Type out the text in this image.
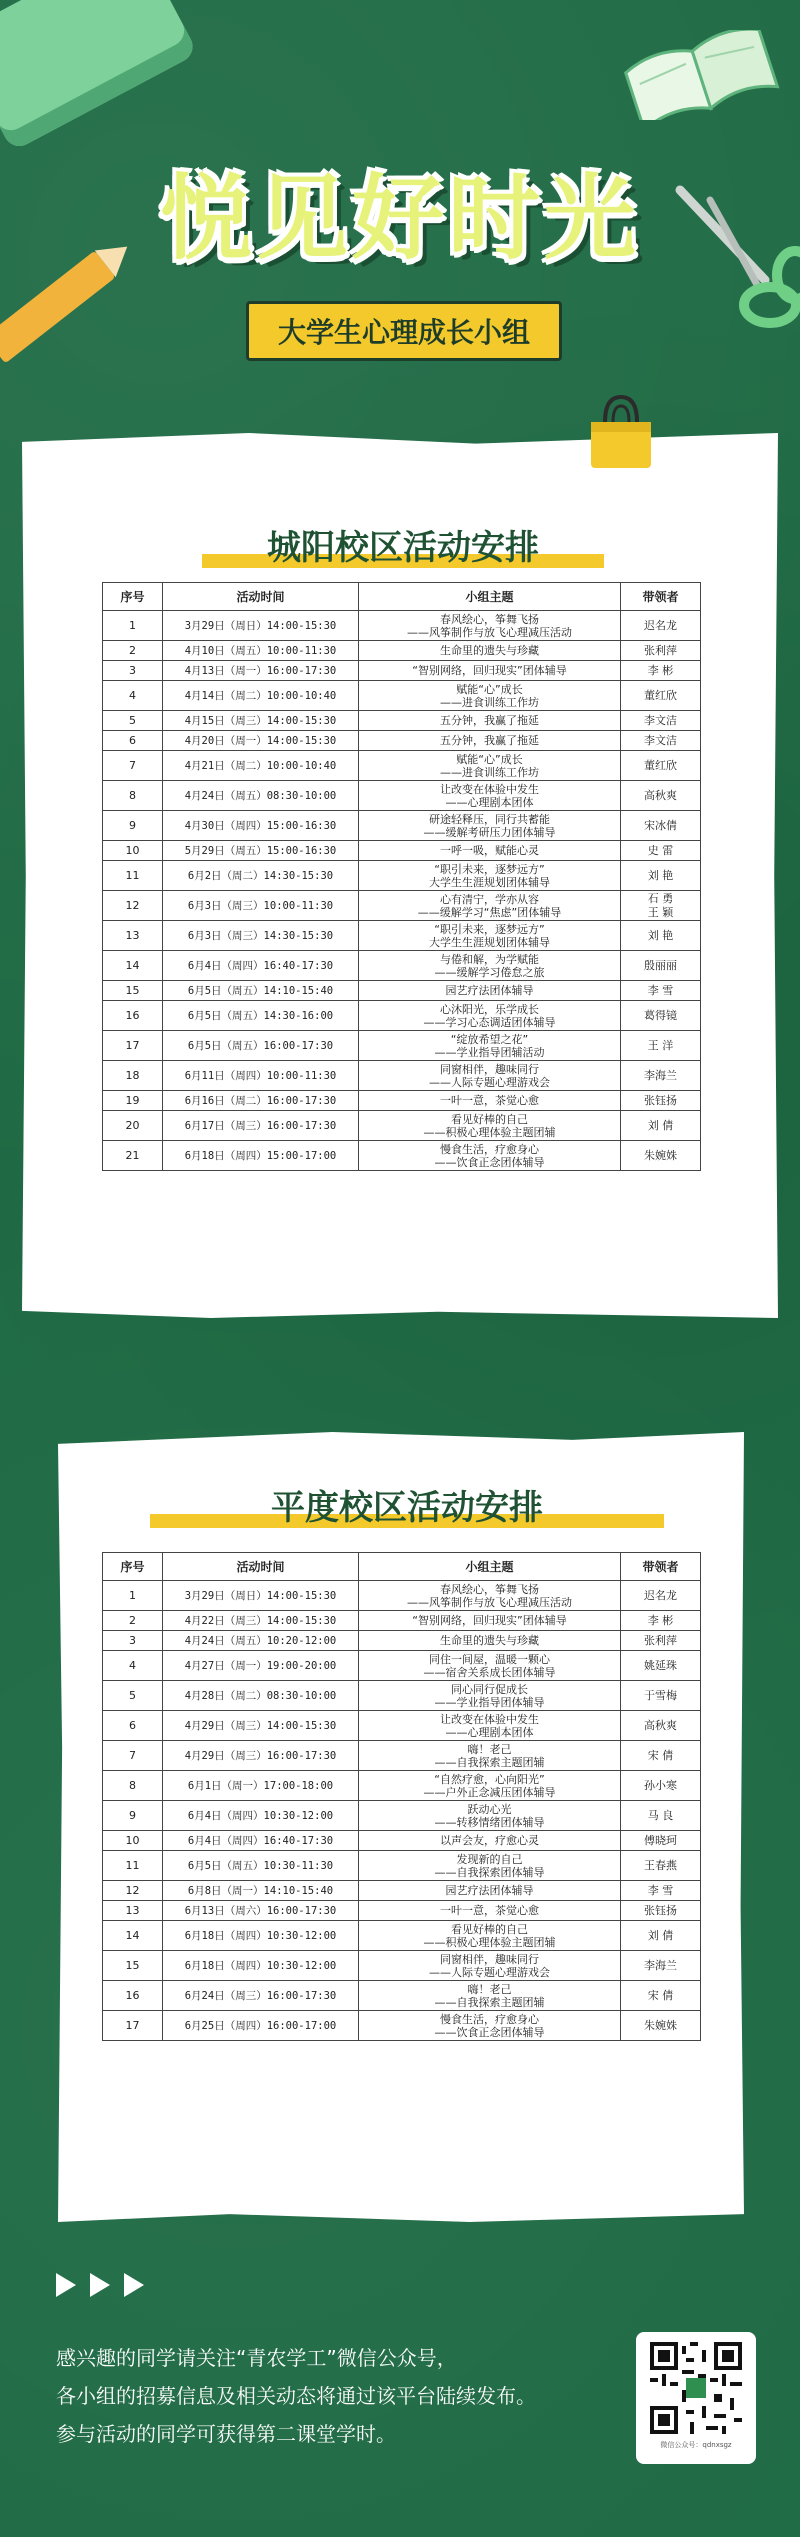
悦见好时光
大学生心理成长小组
城阳校区活动安排
序号	活动时间	小组主题	带领者
1	3月29日（周日）14:00-15:30	春风绘心，筝舞飞扬
——风筝制作与放飞心理减压活动	迟名龙
2	4月10日（周五）10:00-11:30	生命里的遗失与珍藏	张利萍
3	4月13日（周一）16:00-17:30	“智别网络，回归现实”团体辅导	李 彬
4	4月14日（周二）10:00-10:40	赋能“心”成长
——进食训练工作坊	董红欣
5	4月15日（周三）14:00-15:30	五分钟，我赢了拖延	李文洁
6	4月20日（周一）14:00-15:30	五分钟，我赢了拖延	李文洁
7	4月21日（周二）10:00-10:40	赋能“心”成长
——进食训练工作坊	董红欣
8	4月24日（周五）08:30-10:00	让改变在体验中发生
——心理剧本团体	高秋爽
9	4月30日（周四）15:00-16:30	研途轻释压，同行共蓄能
——缓解考研压力团体辅导	宋冰倩
10	5月29日（周五）15:00-16:30	一呼一吸，赋能心灵	史 雷
11	6月2日（周二）14:30-15:30	“职引未来，逐梦远方”
大学生生涯规划团体辅导	刘 艳
12	6月3日（周三）10:00-11:30	心有清宁，学亦从容
——缓解学习“焦虑”团体辅导	石 勇
王 颖
13	6月3日（周三）14:30-15:30	“职引未来，逐梦远方”
大学生生涯规划团体辅导	刘 艳
14	6月4日（周四）16:40-17:30	与倦和解，为学赋能
——缓解学习倦怠之旅	殷丽丽
15	6月5日（周五）14:10-15:40	园艺疗法团体辅导	李 雪
16	6月5日（周五）14:30-16:00	心沐阳光，乐学成长
——学习心态调适团体辅导	葛得镜
17	6月5日（周五）16:00-17:30	“绽放希望之花”
——学业指导团辅活动	王 洋
18	6月11日（周四）10:00-11:30	同窗相伴，趣味同行
——人际专题心理游戏会	李海兰
19	6月16日（周二）16:00-17:30	一叶一意，茶觉心愈	张钰扬
20	6月17日（周三）16:00-17:30	看见好棒的自己
——积极心理体验主题团辅	刘 倩
21	6月18日（周四）15:00-17:00	慢食生活，疗愈身心
——饮食正念团体辅导	朱婉姝
平度校区活动安排
序号	活动时间	小组主题	带领者
1	3月29日（周日）14:00-15:30	春风绘心，筝舞飞扬
——风筝制作与放飞心理减压活动	迟名龙
2	4月22日（周三）14:00-15:30	“智别网络，回归现实”团体辅导	李 彬
3	4月24日（周五）10:20-12:00	生命里的遗失与珍藏	张利萍
4	4月27日（周一）19:00-20:00	同住一间屋，温暖一颗心
——宿舍关系成长团体辅导	姚延珠
5	4月28日（周二）08:30-10:00	同心同行促成长
——学业指导团体辅导	于雪梅
6	4月29日（周三）14:00-15:30	让改变在体验中发生
——心理剧本团体	高秋爽
7	4月29日（周三）16:00-17:30	嗨！老己
——自我探索主题团辅	宋 倩
8	6月1日（周一）17:00-18:00	“自然疗愈，心向阳光”
——户外正念减压团体辅导	孙小寒
9	6月4日（周四）10:30-12:00	跃动心光
——转移情绪团体辅导	马 良
10	6月4日（周四）16:40-17:30	以声会友，疗愈心灵	傅晓珂
11	6月5日（周五）10:30-11:30	发现新的自己
——自我探索团体辅导	王春燕
12	6月8日（周一）14:10-15:40	园艺疗法团体辅导	李 雪
13	6月13日（周六）16:00-17:30	一叶一意，茶觉心愈	张钰扬
14	6月18日（周四）10:30-12:00	看见好棒的自己
——积极心理体验主题团辅	刘 倩
15	6月18日（周四）10:30-12:00	同窗相伴，趣味同行
——人际专题心理游戏会	李海兰
16	6月24日（周三）16:00-17:30	嗨！老己
——自我探索主题团辅	宋 倩
17	6月25日（周四）16:00-17:00	慢食生活，疗愈身心
——饮食正念团体辅导	朱婉姝
感兴趣的同学请关注“青农学工”微信公众号，
各小组的招募信息及相关动态将通过该平台陆续发布。
参与活动的同学可获得第二课堂学时。	微信公众号：qdnxsgz
